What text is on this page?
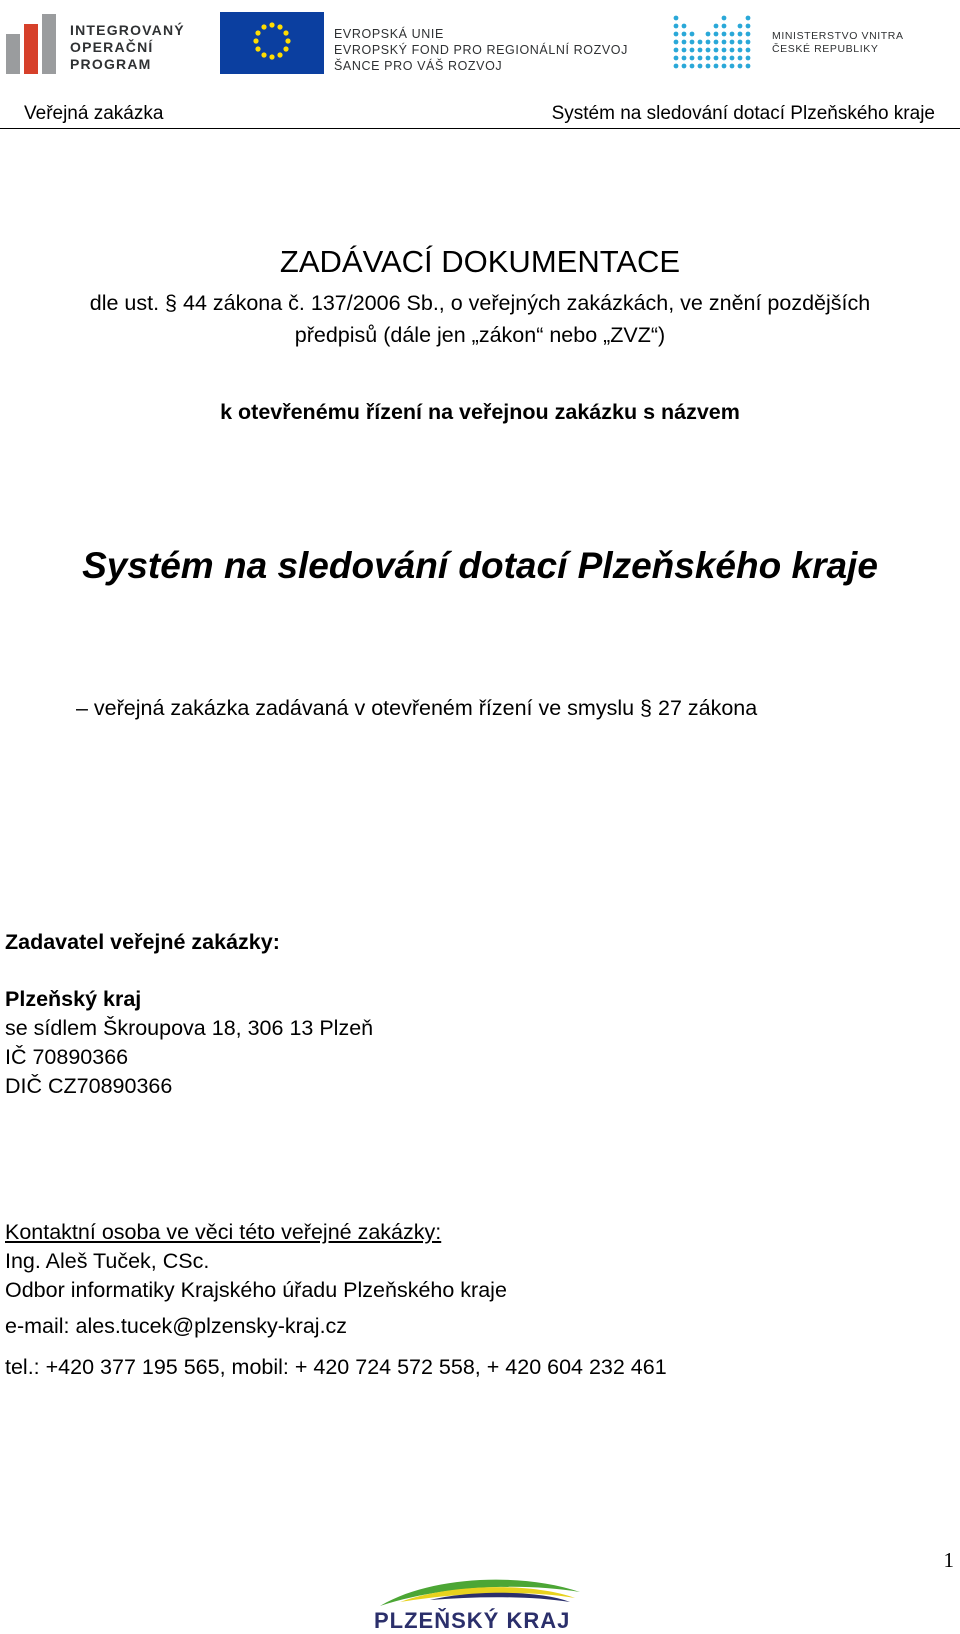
INTEGROVANÝ
OPERAČNÍ
PROGRAM
EVROPSKÁ UNIE
EVROPSKÝ FOND PRO REGIONÁLNÍ ROZVOJ
ŠANCE PRO VÁŠ ROZVOJ
MINISTERSTVO VNITRA
ČESKÉ REPUBLIKY
Veřejná zakázka	Systém na sledování dotací Plzeňského kraje
ZADÁVACÍ DOKUMENTACE
dle ust. § 44 zákona č. 137/2006 Sb., o veřejných zakázkách, ve znění pozdějších
předpisů (dále jen „zákon“ nebo „ZVZ“)
k otevřenému řízení na veřejnou zakázku s názvem
Systém na sledování dotací Plzeňského kraje
– veřejná zakázka zadávaná v otevřeném řízení ve smyslu § 27 zákona
Zadavatel veřejné zakázky:
Plzeňský kraj
se sídlem Škroupova 18, 306 13 Plzeň
IČ 70890366
DIČ CZ70890366
Kontaktní osoba ve věci této veřejné zakázky:
Ing. Aleš Tuček, CSc.
Odbor informatiky Krajského úřadu Plzeňského kraje
e-mail: ales.tucek@plzensky-kraj.cz
tel.: +420 377 195 565, mobil: + 420 724 572 558, + 420 604 232 461
1
PLZEŇSKÝ KRAJ
